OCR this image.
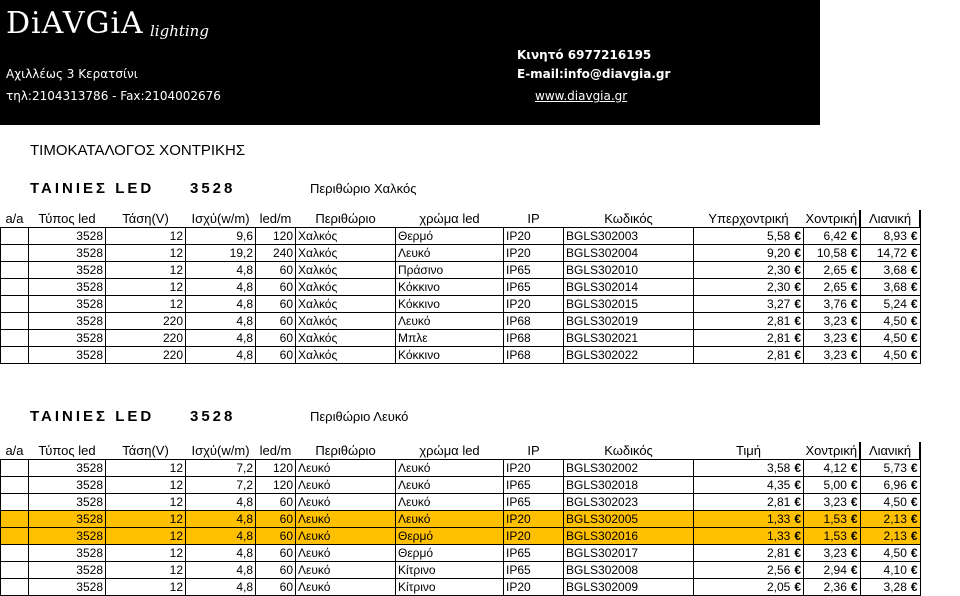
DiAVGiA lighting
Αχιλλέως 3 Κερατσίνι
τηλ:2104313786 - Fax:2104002676
Κινητό 6977216195
E-mail:info@diavgia.gr
www.diavgia.gr
ΤΙΜΟΚΑΤΑΛΟΓΟΣ ΧΟΝΤΡΙΚΗΣ
ΤΑΙΝΙΕΣ LED 3528	Περιθώριο Χαλκός
a/a	Τύπος led	Τάση(V)	Ισχύ(w/m)	led/m	Περιθώριο	χρώμα led	IP	Κωδικός	Υπερχοντρική	Χοντρική	Λιανική
	3528	12	9,6	120	Χαλκός	Θερμό	IP20	BGLS302003	5,58 €	6,42 €	8,93 €
	3528	12	19,2	240	Χαλκός	Λευκό	IP20	BGLS302004	9,20 €	10,58 €	14,72 €
	3528	12	4,8	60	Χαλκός	Πράσινο	IP65	BGLS302010	2,30 €	2,65 €	3,68 €
	3528	12	4,8	60	Χαλκός	Κόκκινο	IP65	BGLS302014	2,30 €	2,65 €	3,68 €
	3528	12	4,8	60	Χαλκός	Κόκκινο	IP20	BGLS302015	3,27 €	3,76 €	5,24 €
	3528	220	4,8	60	Χαλκός	Λευκό	IP68	BGLS302019	2,81 €	3,23 €	4,50 €
	3528	220	4,8	60	Χαλκός	Μπλε	IP68	BGLS302021	2,81 €	3,23 €	4,50 €
	3528	220	4,8	60	Χαλκός	Κόκκινο	IP68	BGLS302022	2,81 €	3,23 €	4,50 €
ΤΑΙΝΙΕΣ LED 3528	Περιθώριο Λευκό
a/a	Τύπος led	Τάση(V)	Ισχύ(w/m)	led/m	Περιθώριο	χρώμα led	IP	Κωδικός	Τιμή	Χοντρική	Λιανική
	3528	12	7,2	120	Λευκό	Λευκό	IP20	BGLS302002	3,58 €	4,12 €	5,73 €
	3528	12	7,2	120	Λευκό	Λευκό	IP65	BGLS302018	4,35 €	5,00 €	6,96 €
	3528	12	4,8	60	Λευκό	Λευκό	IP65	BGLS302023	2,81 €	3,23 €	4,50 €
	3528	12	4,8	60	Λευκό	Λευκό	IP20	BGLS302005	1,33 €	1,53 €	2,13 €
	3528	12	4,8	60	Λευκό	Θερμό	IP20	BGLS302016	1,33 €	1,53 €	2,13 €
	3528	12	4,8	60	Λευκό	Θερμό	IP65	BGLS302017	2,81 €	3,23 €	4,50 €
	3528	12	4,8	60	Λευκό	Κίτρινο	IP65	BGLS302008	2,56 €	2,94 €	4,10 €
	3528	12	4,8	60	Λευκό	Κίτρινο	IP20	BGLS302009	2,05 €	2,36 €	3,28 €
